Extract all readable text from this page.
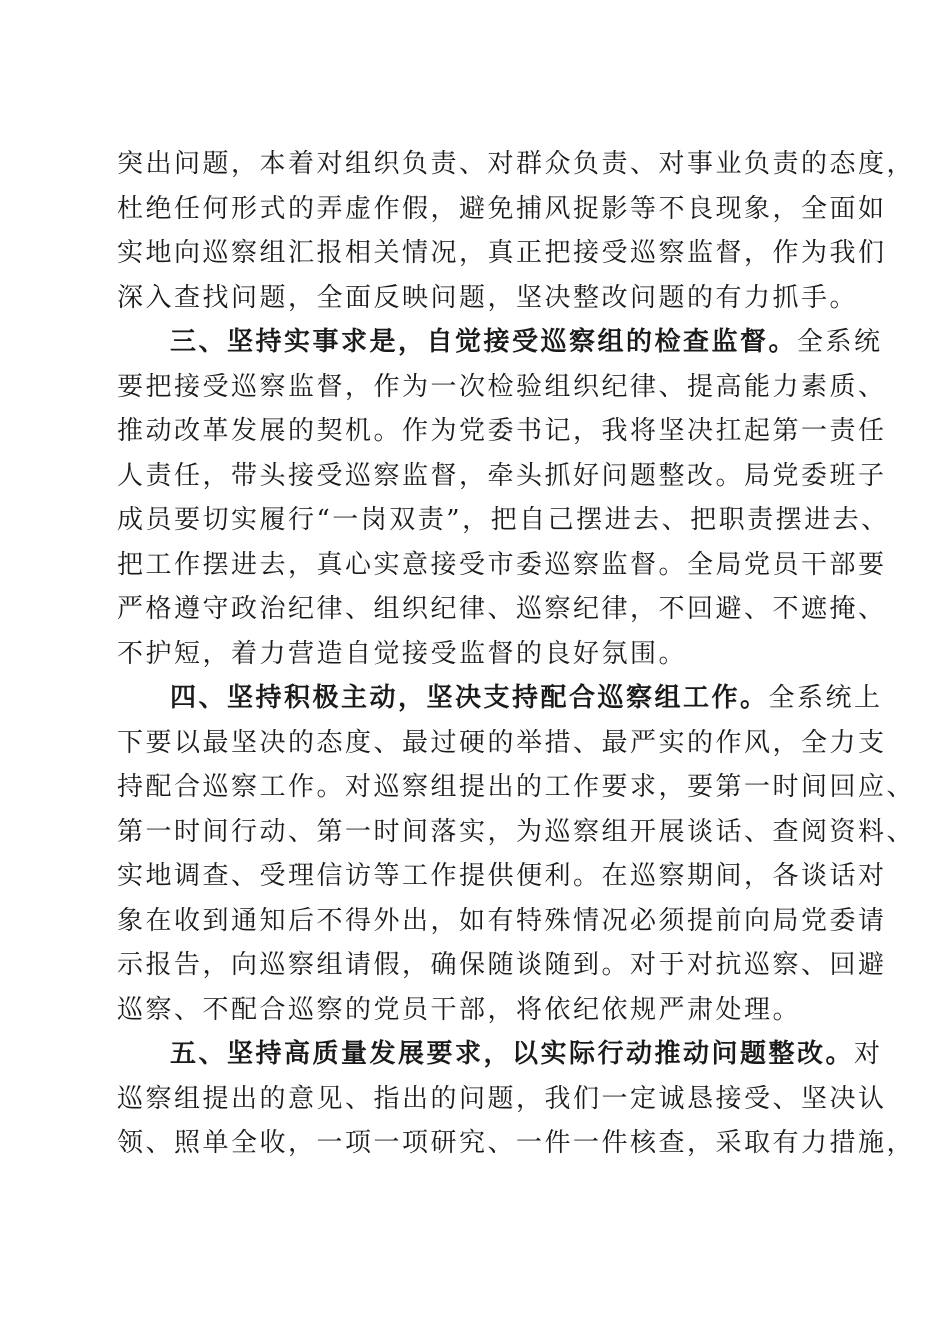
突出问题，本着对组织负责、对群众负责、对事业负责的态度，
杜绝任何形式的弄虚作假，避免捕风捉影等不良现象，全面如
实地向巡察组汇报相关情况，真正把接受巡察监督，作为我们
深入查找问题，全面反映问题，坚决整改问题的有力抓手。
三、坚持实事求是，自觉接受巡察组的检查监督。全系统
要把接受巡察监督，作为一次检验组织纪律、提高能力素质、
推动改革发展的契机。作为党委书记，我将坚决扛起第一责任
人责任，带头接受巡察监督，牵头抓好问题整改。局党委班子
成员要切实履行“一岗双责”，把自己摆进去、把职责摆进去、
把工作摆进去，真心实意接受市委巡察监督。全局党员干部要
严格遵守政治纪律、组织纪律、巡察纪律，不回避、不遮掩、
不护短，着力营造自觉接受监督的良好氛围。
四、坚持积极主动，坚决支持配合巡察组工作。全系统上
下要以最坚决的态度、最过硬的举措、最严实的作风，全力支
持配合巡察工作。对巡察组提出的工作要求，要第一时间回应、
第一时间行动、第一时间落实，为巡察组开展谈话、查阅资料、
实地调查、受理信访等工作提供便利。在巡察期间，各谈话对
象在收到通知后不得外出，如有特殊情况必须提前向局党委请
示报告，向巡察组请假，确保随谈随到。对于对抗巡察、回避
巡察、不配合巡察的党员干部，将依纪依规严肃处理。
五、坚持高质量发展要求，以实际行动推动问题整改。对
巡察组提出的意见、指出的问题，我们一定诚恳接受、坚决认
领、照单全收，一项一项研究、一件一件核查，采取有力措施，
